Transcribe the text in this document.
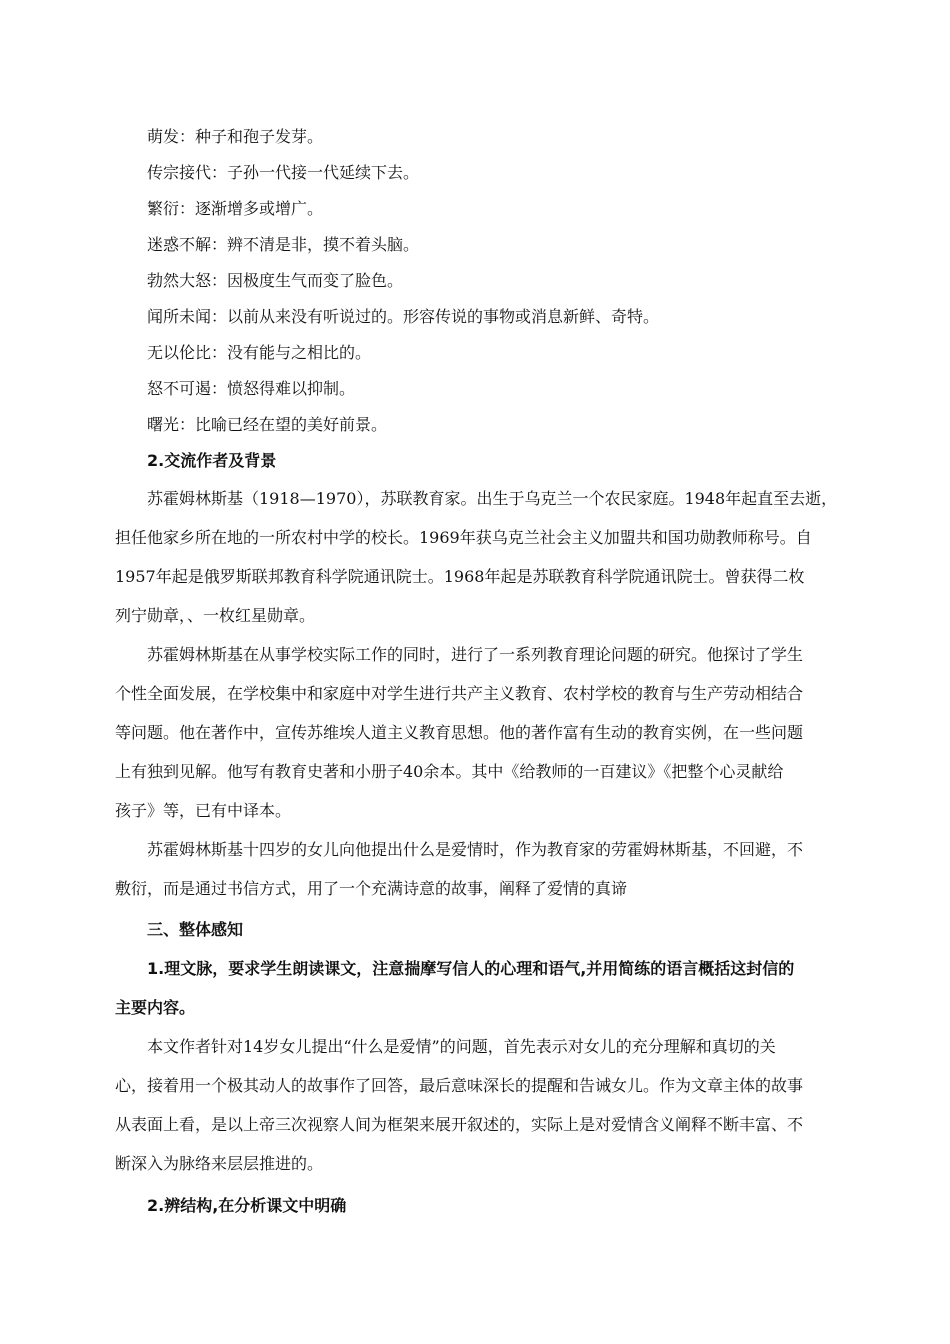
萌发：种子和孢子发芽。
传宗接代：子孙一代接一代延续下去。
繁衍：逐渐增多或增广。
迷惑不解：辨不清是非，摸不着头脑。
勃然大怒：因极度生气而变了脸色。
闻所未闻：以前从来没有听说过的。形容传说的事物或消息新鲜、奇特。
无以伦比：没有能与之相比的。
怒不可遏：愤怒得难以抑制。
曙光：比喻已经在望的美好前景。
2.交流作者及背景
苏霍姆林斯基（1918—1970），苏联教育家。出生于乌克兰一个农民家庭。1948年起直至去逝，
担任他家乡所在地的一所农村中学的校长。1969年获乌克兰社会主义加盟共和国功勋教师称号。自
1957年起是俄罗斯联邦教育科学院通讯院士。1968年起是苏联教育科学院通讯院士。曾获得二枚
列宁勋章，、一枚红星勋章。
苏霍姆林斯基在从事学校实际工作的同时，进行了一系列教育理论问题的研究。他探讨了学生
个性全面发展，在学校集中和家庭中对学生进行共产主义教育、农村学校的教育与生产劳动相结合
等问题。他在著作中，宣传苏维埃人道主义教育思想。他的著作富有生动的教育实例，在一些问题
上有独到见解。他写有教育史著和小册子40余本。其中《给教师的一百建议》《把整个心灵献给
孩子》等，已有中译本。
苏霍姆林斯基十四岁的女儿向他提出什么是爱情时，作为教育家的劳霍姆林斯基，不回避，不
敷衍，而是通过书信方式，用了一个充满诗意的故事，阐释了爱情的真谛
三、整体感知
1.理文脉，要求学生朗读课文，注意揣摩写信人的心理和语气,并用简练的语言概括这封信的
主要内容。
本文作者针对14岁女儿提出“什么是爱情”的问题，首先表示对女儿的充分理解和真切的关
心，接着用一个极其动人的故事作了回答，最后意味深长的提醒和告诫女儿。作为文章主体的故事
从表面上看，是以上帝三次视察人间为框架来展开叙述的，实际上是对爱情含义阐释不断丰富、不
断深入为脉络来层层推进的。
2.辨结构,在分析课文中明确
